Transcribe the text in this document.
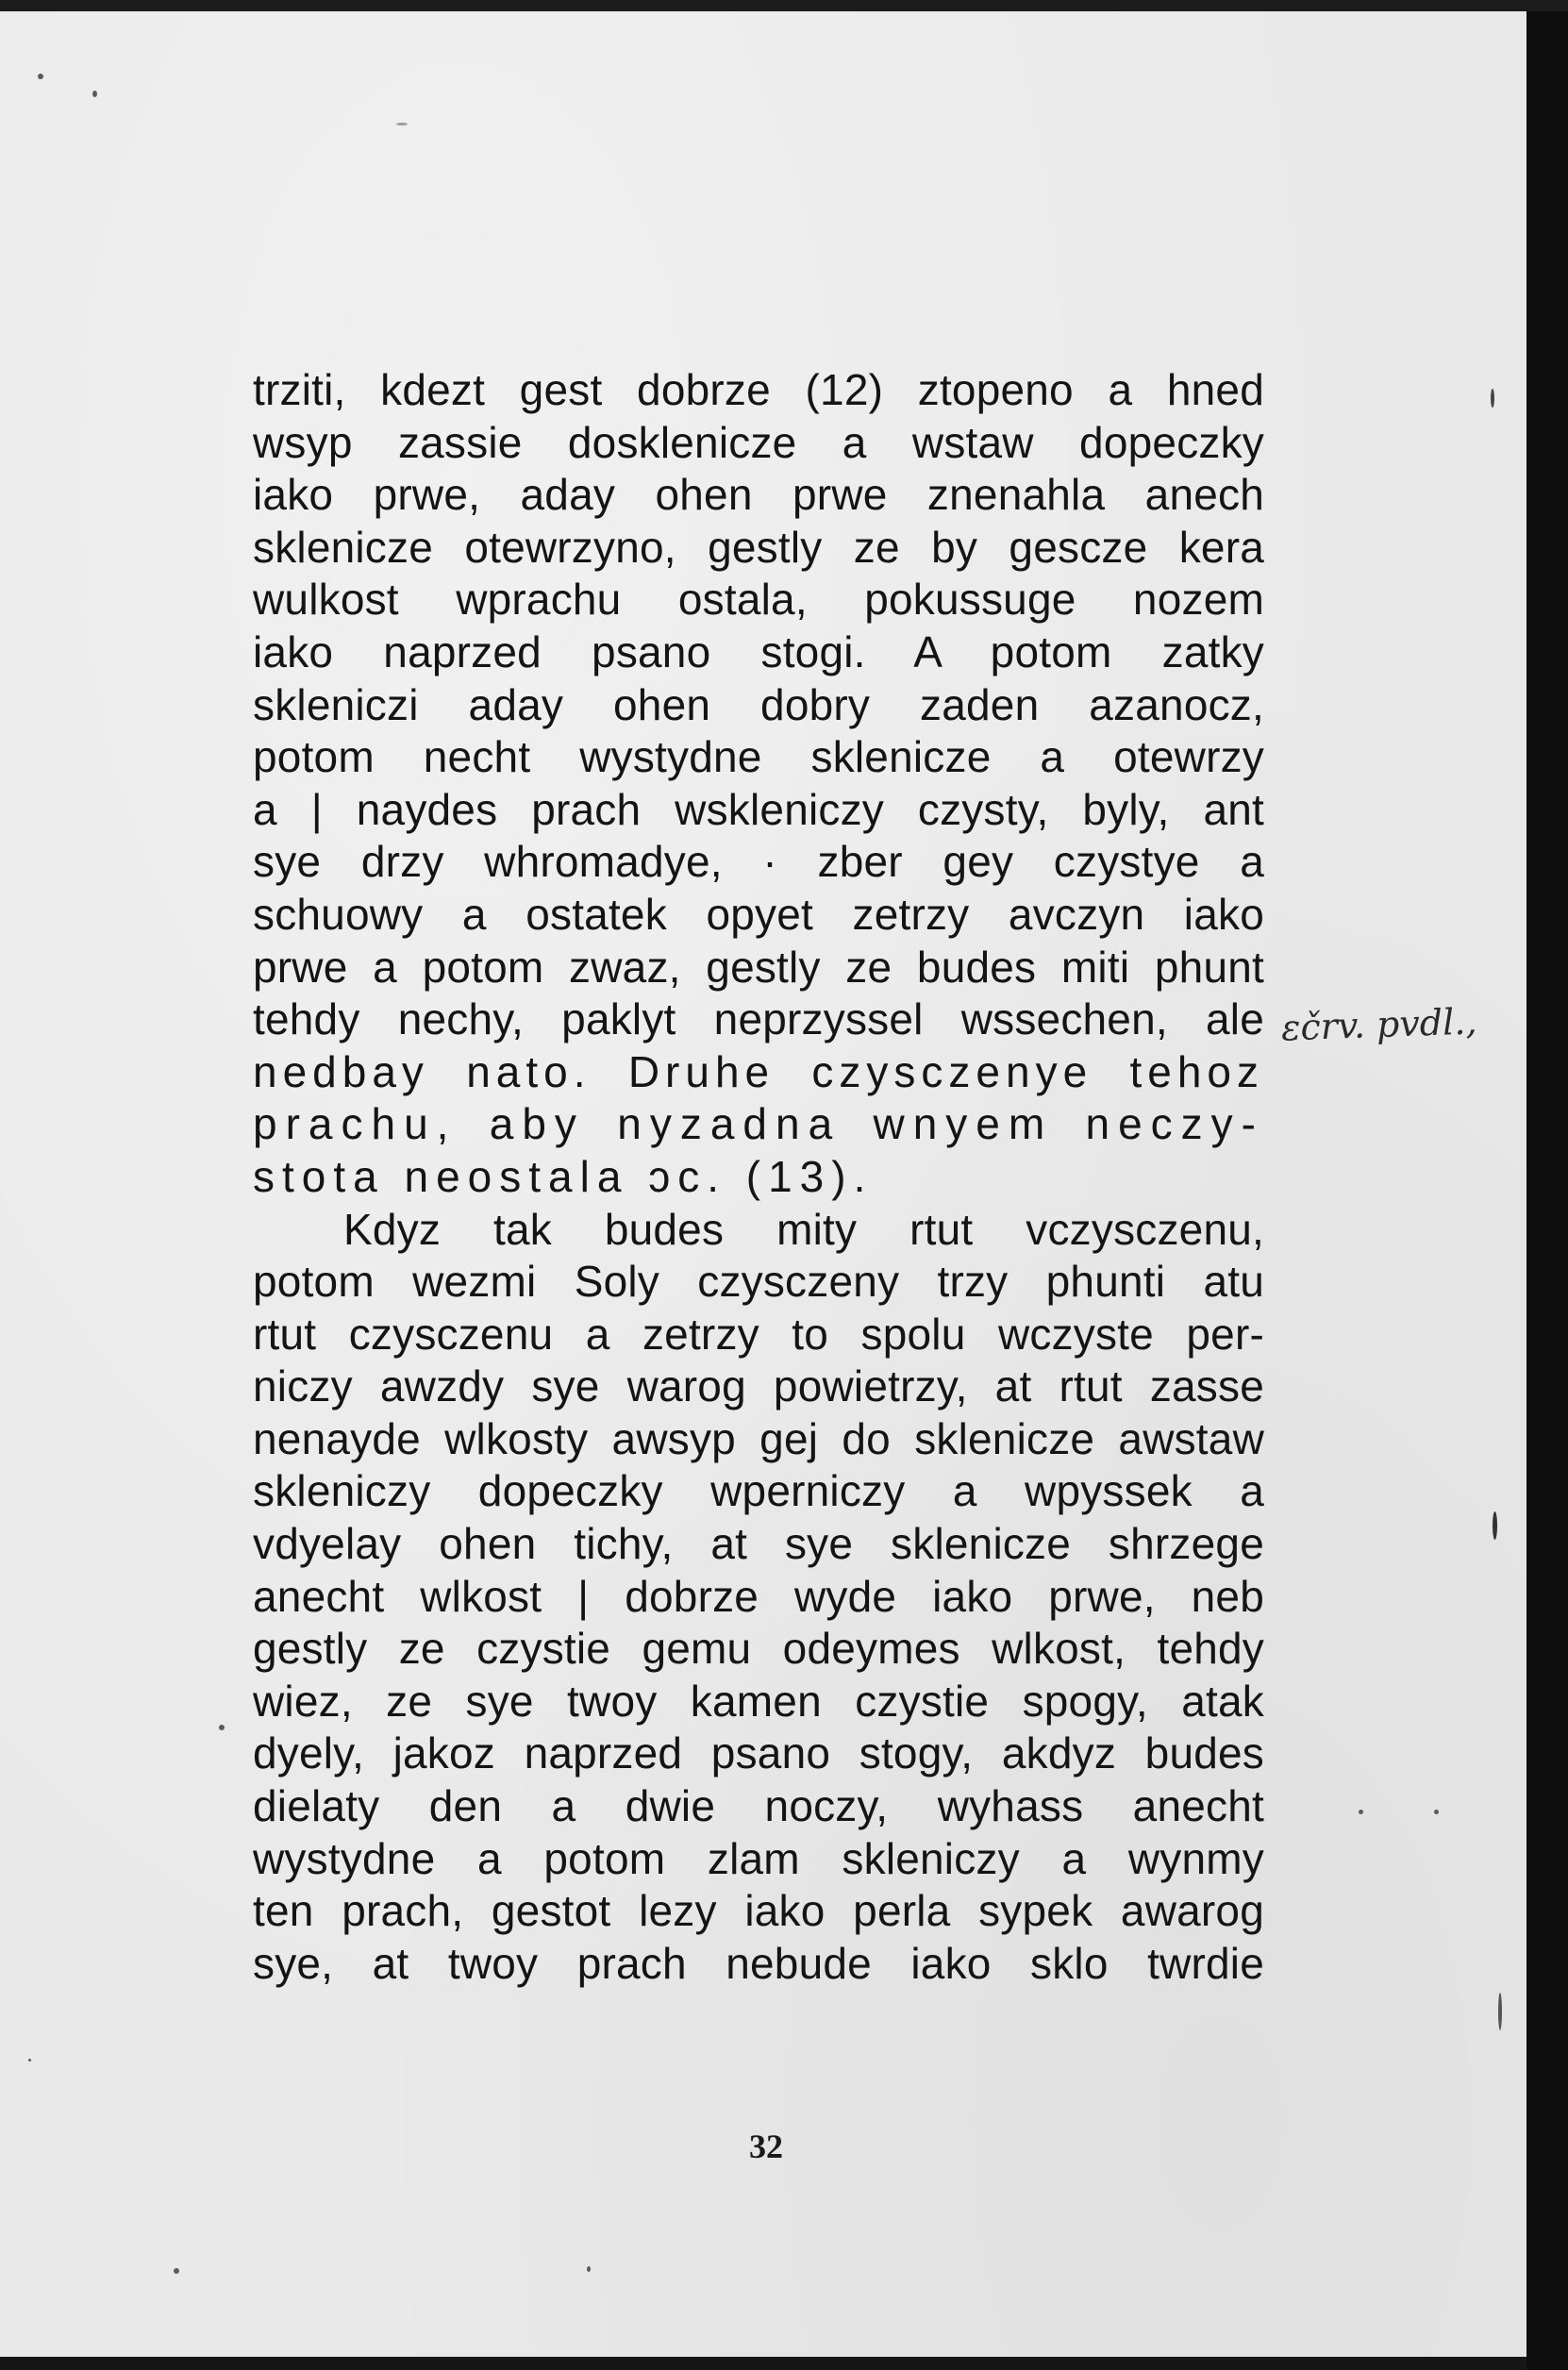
trziti, kdezt gest dobrze (12) ztopeno a hned
wsyp zassie dosklenicze a wstaw dopeczky
iako prwe, aday ohen prwe znenahla anech
sklenicze otewrzyno, gestly ze by gescze kera
wulkost wprachu ostala, pokussuge nozem
iako naprzed psano stogi. A potom zatky
skleniczi aday ohen dobry zaden azanocz,
potom necht wystydne sklenicze a otewrzy
a | naydes prach wskleniczy czysty, byly, ant
sye drzy whromadye, · zber gey czystye a
schuowy a ostatek opyet zetrzy avczyn iako
prwe a potom zwaz, gestly ze budes miti phunt
tehdy nechy, paklyt neprzyssel wssechen, ale
nedbay nato. Druhe czysczenye tehoz
prachu, aby nyzadna wnyem neczy-
stota neostala ɔc. (13).
Kdyz tak budes mity rtut vczysczenu,
potom wezmi Soly czysczeny trzy phunti atu
rtut czysczenu a zetrzy to spolu wczyste per-
niczy awzdy sye warog powietrzy, at rtut zasse
nenayde wlkosty awsyp gej do sklenicze awstaw
skleniczy dopeczky wperniczy a wpyssek a
vdyelay ohen tichy, at sye sklenicze shrzege
anecht wlkost | dobrze wyde iako prwe, neb
gestly ze czystie gemu odeymes wlkost, tehdy
wiez, ze sye twoy kamen czystie spogy, atak
dyely, jakoz naprzed psano stogy, akdyz budes
dielaty den a dwie noczy, wyhass anecht
wystydne a potom zlam skleniczy a wynmy
ten prach, gestot lezy iako perla sypek awarog
sye, at twoy prach nebude iako sklo twrdie
ɛčrv. pvdl.,
32
